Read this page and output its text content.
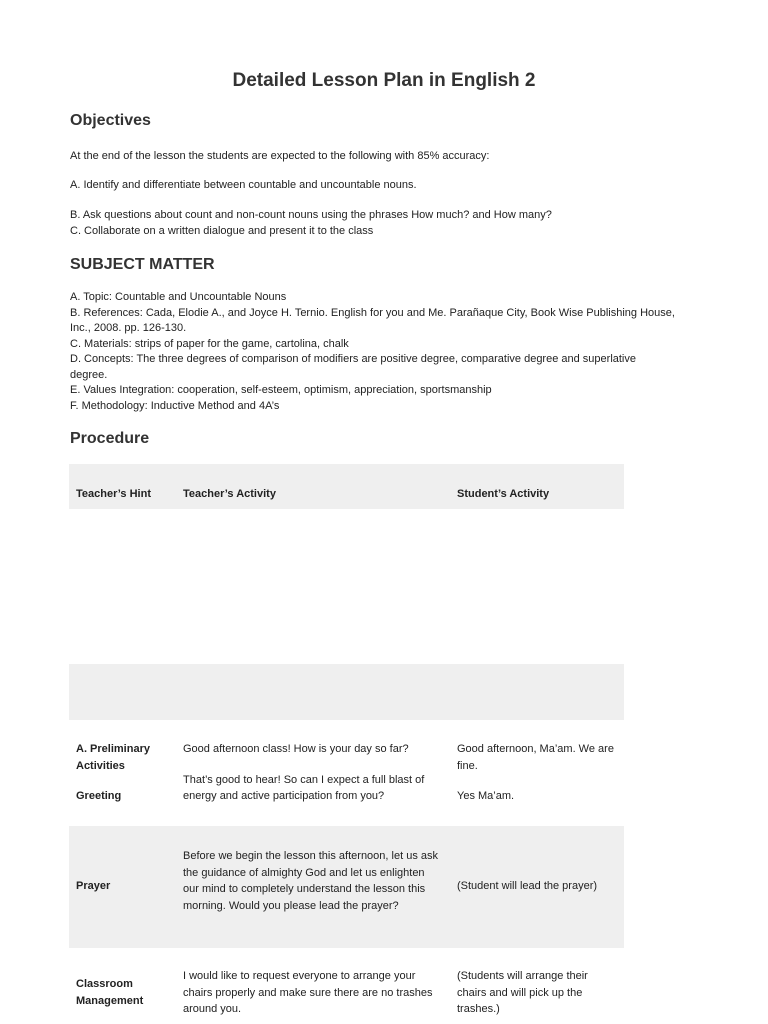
Detailed Lesson Plan in English 2
Objectives
At the end of the lesson the students are expected to the following with 85% accuracy:
A. Identify and differentiate between countable and uncountable nouns.
B. Ask questions about count and non-count nouns using the phrases How much? and How many?
C. Collaborate on a written dialogue and present it to the class
SUBJECT MATTER
A. Topic: Countable and Uncountable Nouns
B. References: Cada, Elodie A., and Joyce H. Ternio. English for you and Me. Parañaque City, Book Wise Publishing House, Inc., 2008. pp. 126-130.
C. Materials: strips of paper for the game, cartolina, chalk
D. Concepts: The three degrees of comparison of modifiers are positive degree, comparative degree and superlative degree.
E. Values Integration: cooperation, self-esteem, optimism, appreciation, sportsmanship
F. Methodology: Inductive Method and 4A’s
Procedure
Teacher’s Hint	Teacher’s Activity	Student’s Activity
A. Preliminary Activities
Greeting
Good afternoon class! How is your day so far?
That’s good to hear! So can I expect a full blast of energy and active participation from you?
Good afternoon, Ma’am. We are fine.
Yes Ma’am.
Prayer
Before we begin the lesson this afternoon, let us ask the guidance of almighty God and let us enlighten our mind to completely understand the lesson this morning. Would you please lead the prayer?
(Student will lead the prayer)
Classroom Management
I would like to request everyone to arrange your chairs properly and make sure there are no trashes around you.
(Students will arrange their chairs and will pick up the trashes.)
